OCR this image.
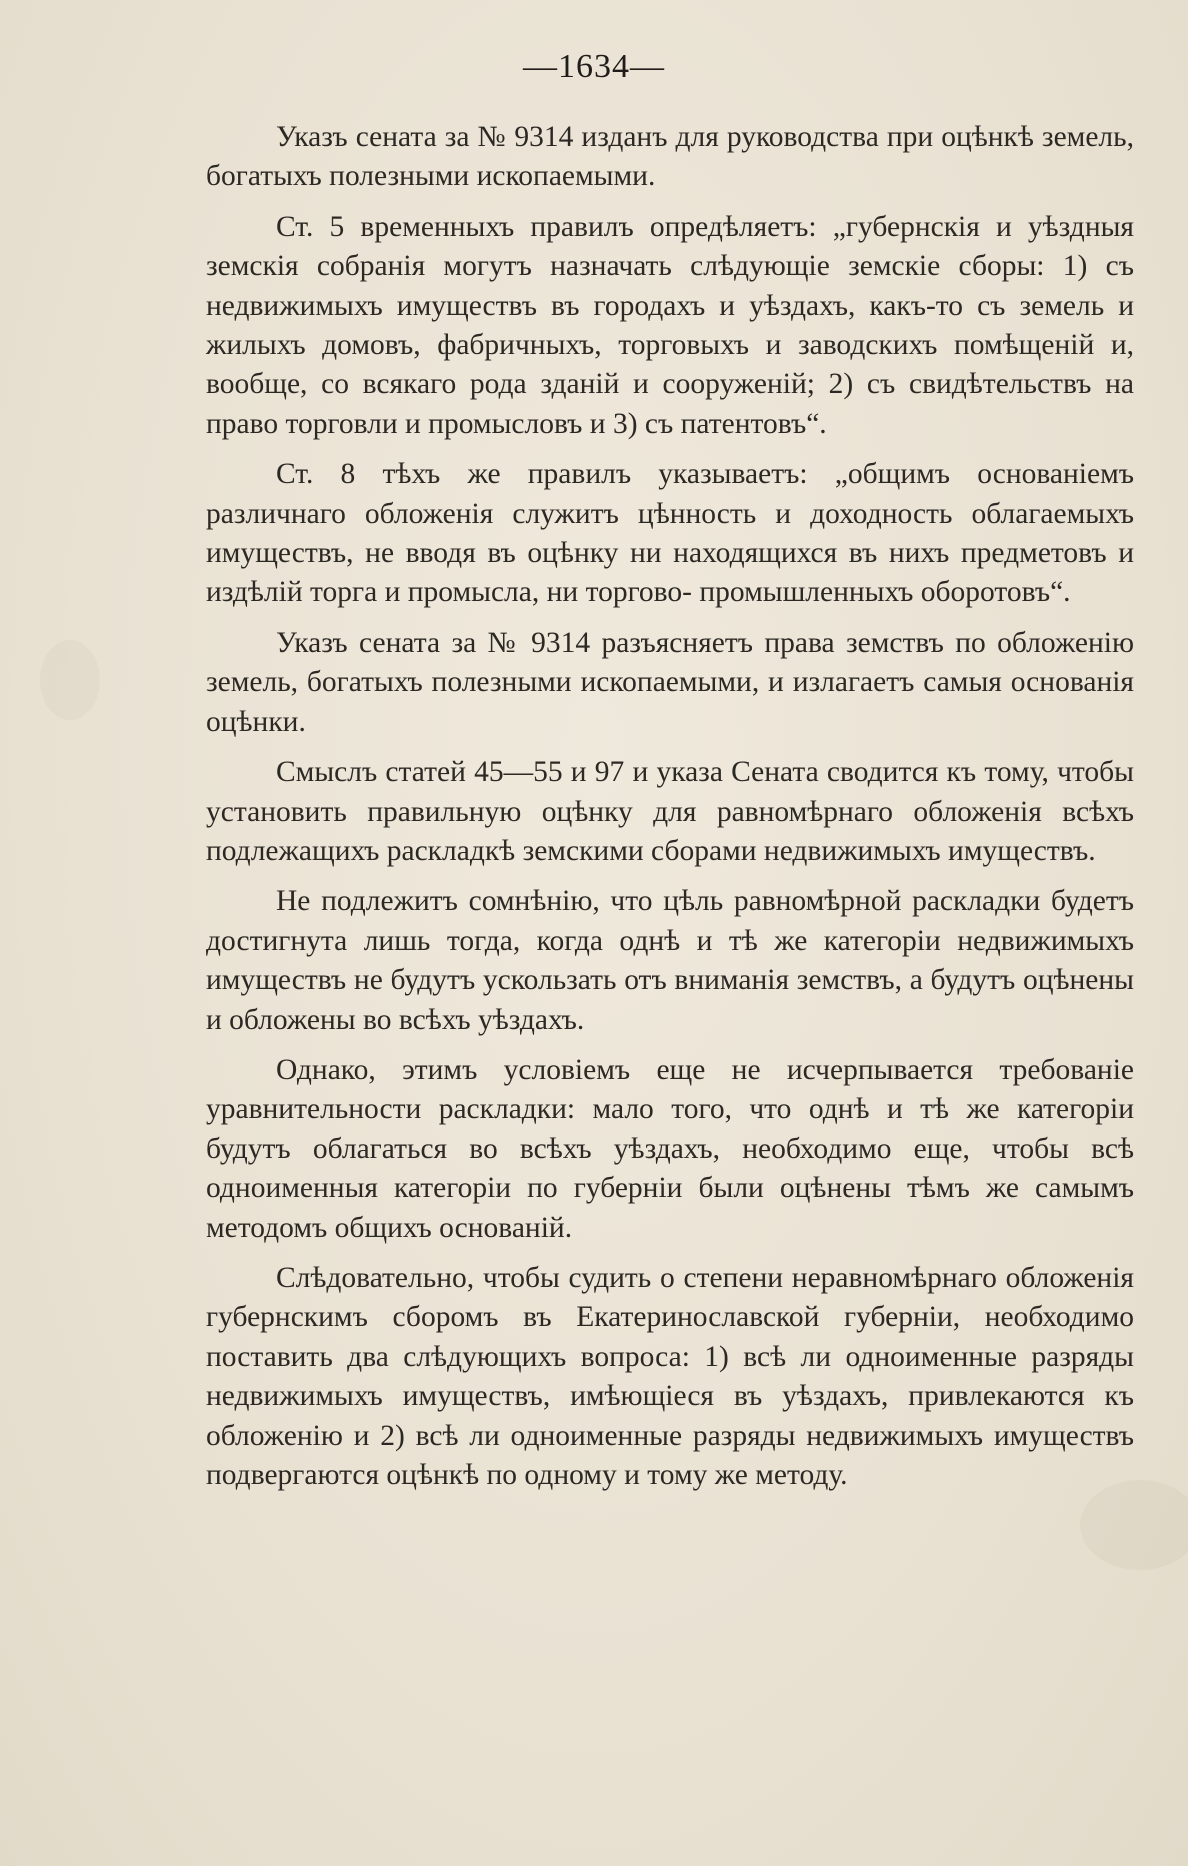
—1634—

Указъ сената за № 9314 изданъ для руководства при оцѣнкѣ земель, богатыхъ полезными ископаемыми.

Ст. 5 временныхъ правилъ опредѣляетъ: „губернскія и уѣздныя земскія собранія могутъ назначать слѣдующіе земскіе сборы: 1) съ недвижимыхъ имуществъ въ городахъ и уѣздахъ, какъ-то съ земель и жилыхъ домовъ, фабричныхъ, торговыхъ и заводскихъ помѣщеній и, вообще, со всякаго рода зданій и сооруженій; 2) съ свидѣтельствъ на право торговли и промысловъ и 3) съ патентовъ“.

Ст. 8 тѣхъ же правилъ указываетъ: „общимъ основаніемъ различнаго обложенія служитъ цѣнность и доходность облагаемыхъ имуществъ, не вводя въ оцѣнку ни находящихся въ нихъ предметовъ и издѣлій торга и промысла, ни торгово- промышленныхъ оборотовъ“.

Указъ сената за № 9314 разъясняетъ права земствъ по обложенію земель, богатыхъ полезными ископаемыми, и излагаетъ самыя основанія оцѣнки.

Смыслъ статей 45—55 и 97 и указа Сената сводится къ тому, чтобы установить правильную оцѣнку для равномѣрнаго обложенія всѣхъ подлежащихъ раскладкѣ земскими сборами недвижимыхъ имуществъ.

Не подлежитъ сомнѣнію, что цѣль равномѣрной раскладки будетъ достигнута лишь тогда, когда однѣ и тѣ же категоріи недвижимыхъ имуществъ не будутъ ускользать отъ вниманія земствъ, а будутъ оцѣнены и обложены во всѣхъ уѣздахъ.

Однако, этимъ условіемъ еще не исчерпывается требованіе уравнительности раскладки: мало того, что однѣ и тѣ же категоріи будутъ облагаться во всѣхъ уѣздахъ, необходимо еще, чтобы всѣ одноименныя категоріи по губерніи были оцѣнены тѣмъ же самымъ методомъ общихъ основаній.

Слѣдовательно, чтобы судить о степени неравномѣрнаго обложенія губернскимъ сборомъ въ Екатеринославской губерніи, необходимо поставить два слѣдующихъ вопроса: 1) всѣ ли одноименные разряды недвижимыхъ имуществъ, имѣющіеся въ уѣздахъ, привлекаются къ обложенію и 2) всѣ ли одноименные разряды недвижимыхъ имуществъ подвергаются оцѣнкѣ по одному и тому же методу.
